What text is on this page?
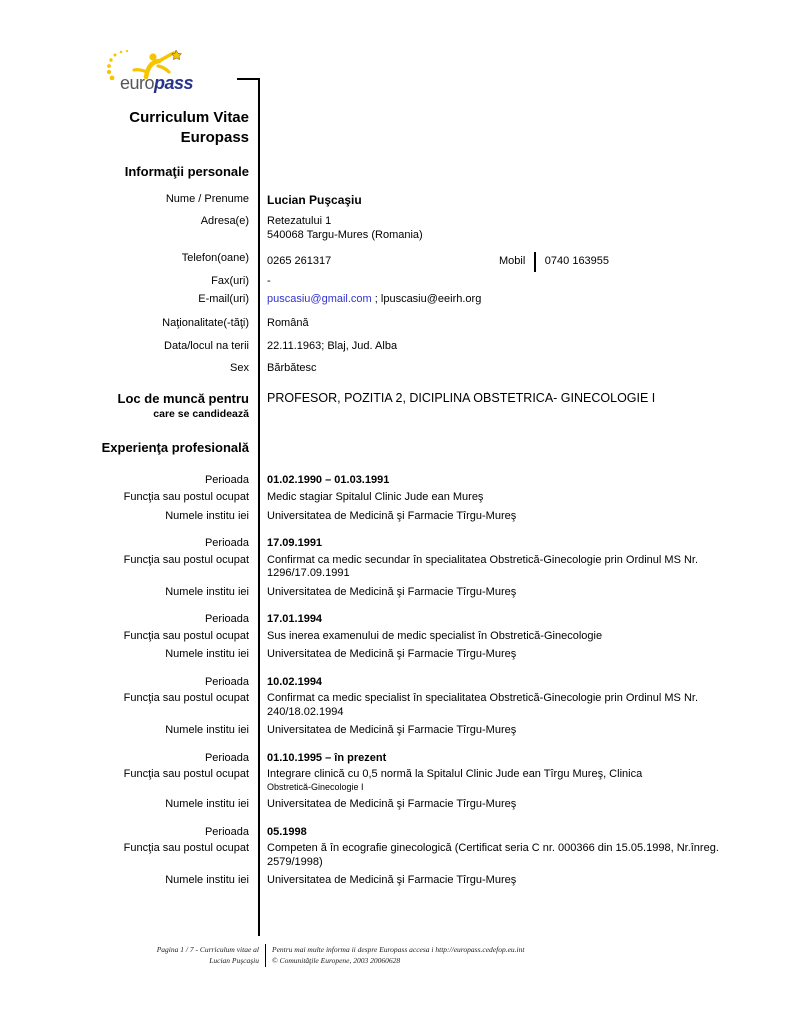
europass
Curriculum Vitae
Europass
Informaţii personale
Nume / Prenume	Lucian Puşcaşiu
Adresa(e)	Retezatului 1
540068 Targu-Mures (Romania)
Telefon(oane)	0265 261317	Mobil 0740 163955
Fax(uri)	-
E-mail(uri)	puscasiu@gmail.com ; lpuscasiu@eeirh.org
Naţionalitate(-tăţi)	Română
Data/locul na terii	22.11.1963; Blaj, Jud. Alba
Sex	Bărbătesc
Loc de muncă pentru
care se candidează
PROFESOR, POZITIA 2, DICIPLINA OBSTETRICA- GINECOLOGIE I
Experienţa profesională
Perioada	01.02.1990 – 01.03.1991
Funcţia sau postul ocupat	Medic stagiar Spitalul Clinic Jude ean Mureş
Numele institu iei	Universitatea de Medicină şi Farmacie Tîrgu-Mureş
Perioada	17.09.1991
Funcţia sau postul ocupat	Confirmat ca medic secundar în specialitatea Obstretică-Ginecologie prin Ordinul MS Nr. 1296/17.09.1991
Numele institu iei	Universitatea de Medicină şi Farmacie Tîrgu-Mureş
Perioada	17.01.1994
Funcţia sau postul ocupat	Sus inerea examenului de medic specialist în Obstretică-Ginecologie
Numele institu iei	Universitatea de Medicină şi Farmacie Tîrgu-Mureş
Perioada	10.02.1994
Funcţia sau postul ocupat	Confirmat ca medic specialist în specialitatea Obstretică-Ginecologie prin Ordinul MS Nr. 240/18.02.1994
Numele institu iei	Universitatea de Medicină şi Farmacie Tîrgu-Mureş
Perioada	01.10.1995 – în prezent
Funcţia sau postul ocupat	Integrare clinică cu 0,5 normă la Spitalul Clinic Jude ean Tîrgu Mureş, Clinica
Obstretică-Ginecologie I
Numele institu iei	Universitatea de Medicină şi Farmacie Tîrgu-Mureş
Perioada	05.1998
Funcţia sau postul ocupat	Competen ă în ecografie ginecologică (Certificat seria C nr. 000366 din 15.05.1998, Nr.înreg. 2579/1998)
Numele institu iei	Universitatea de Medicină şi Farmacie Tîrgu-Mureş
Pagina 1 / 7 - Curriculum vitae al
Lucian Puşcaşiu
Pentru mai multe informa ii despre Europass accesa i http://europass.cedefop.eu.int
© Comunităţile Europene, 2003 20060628
